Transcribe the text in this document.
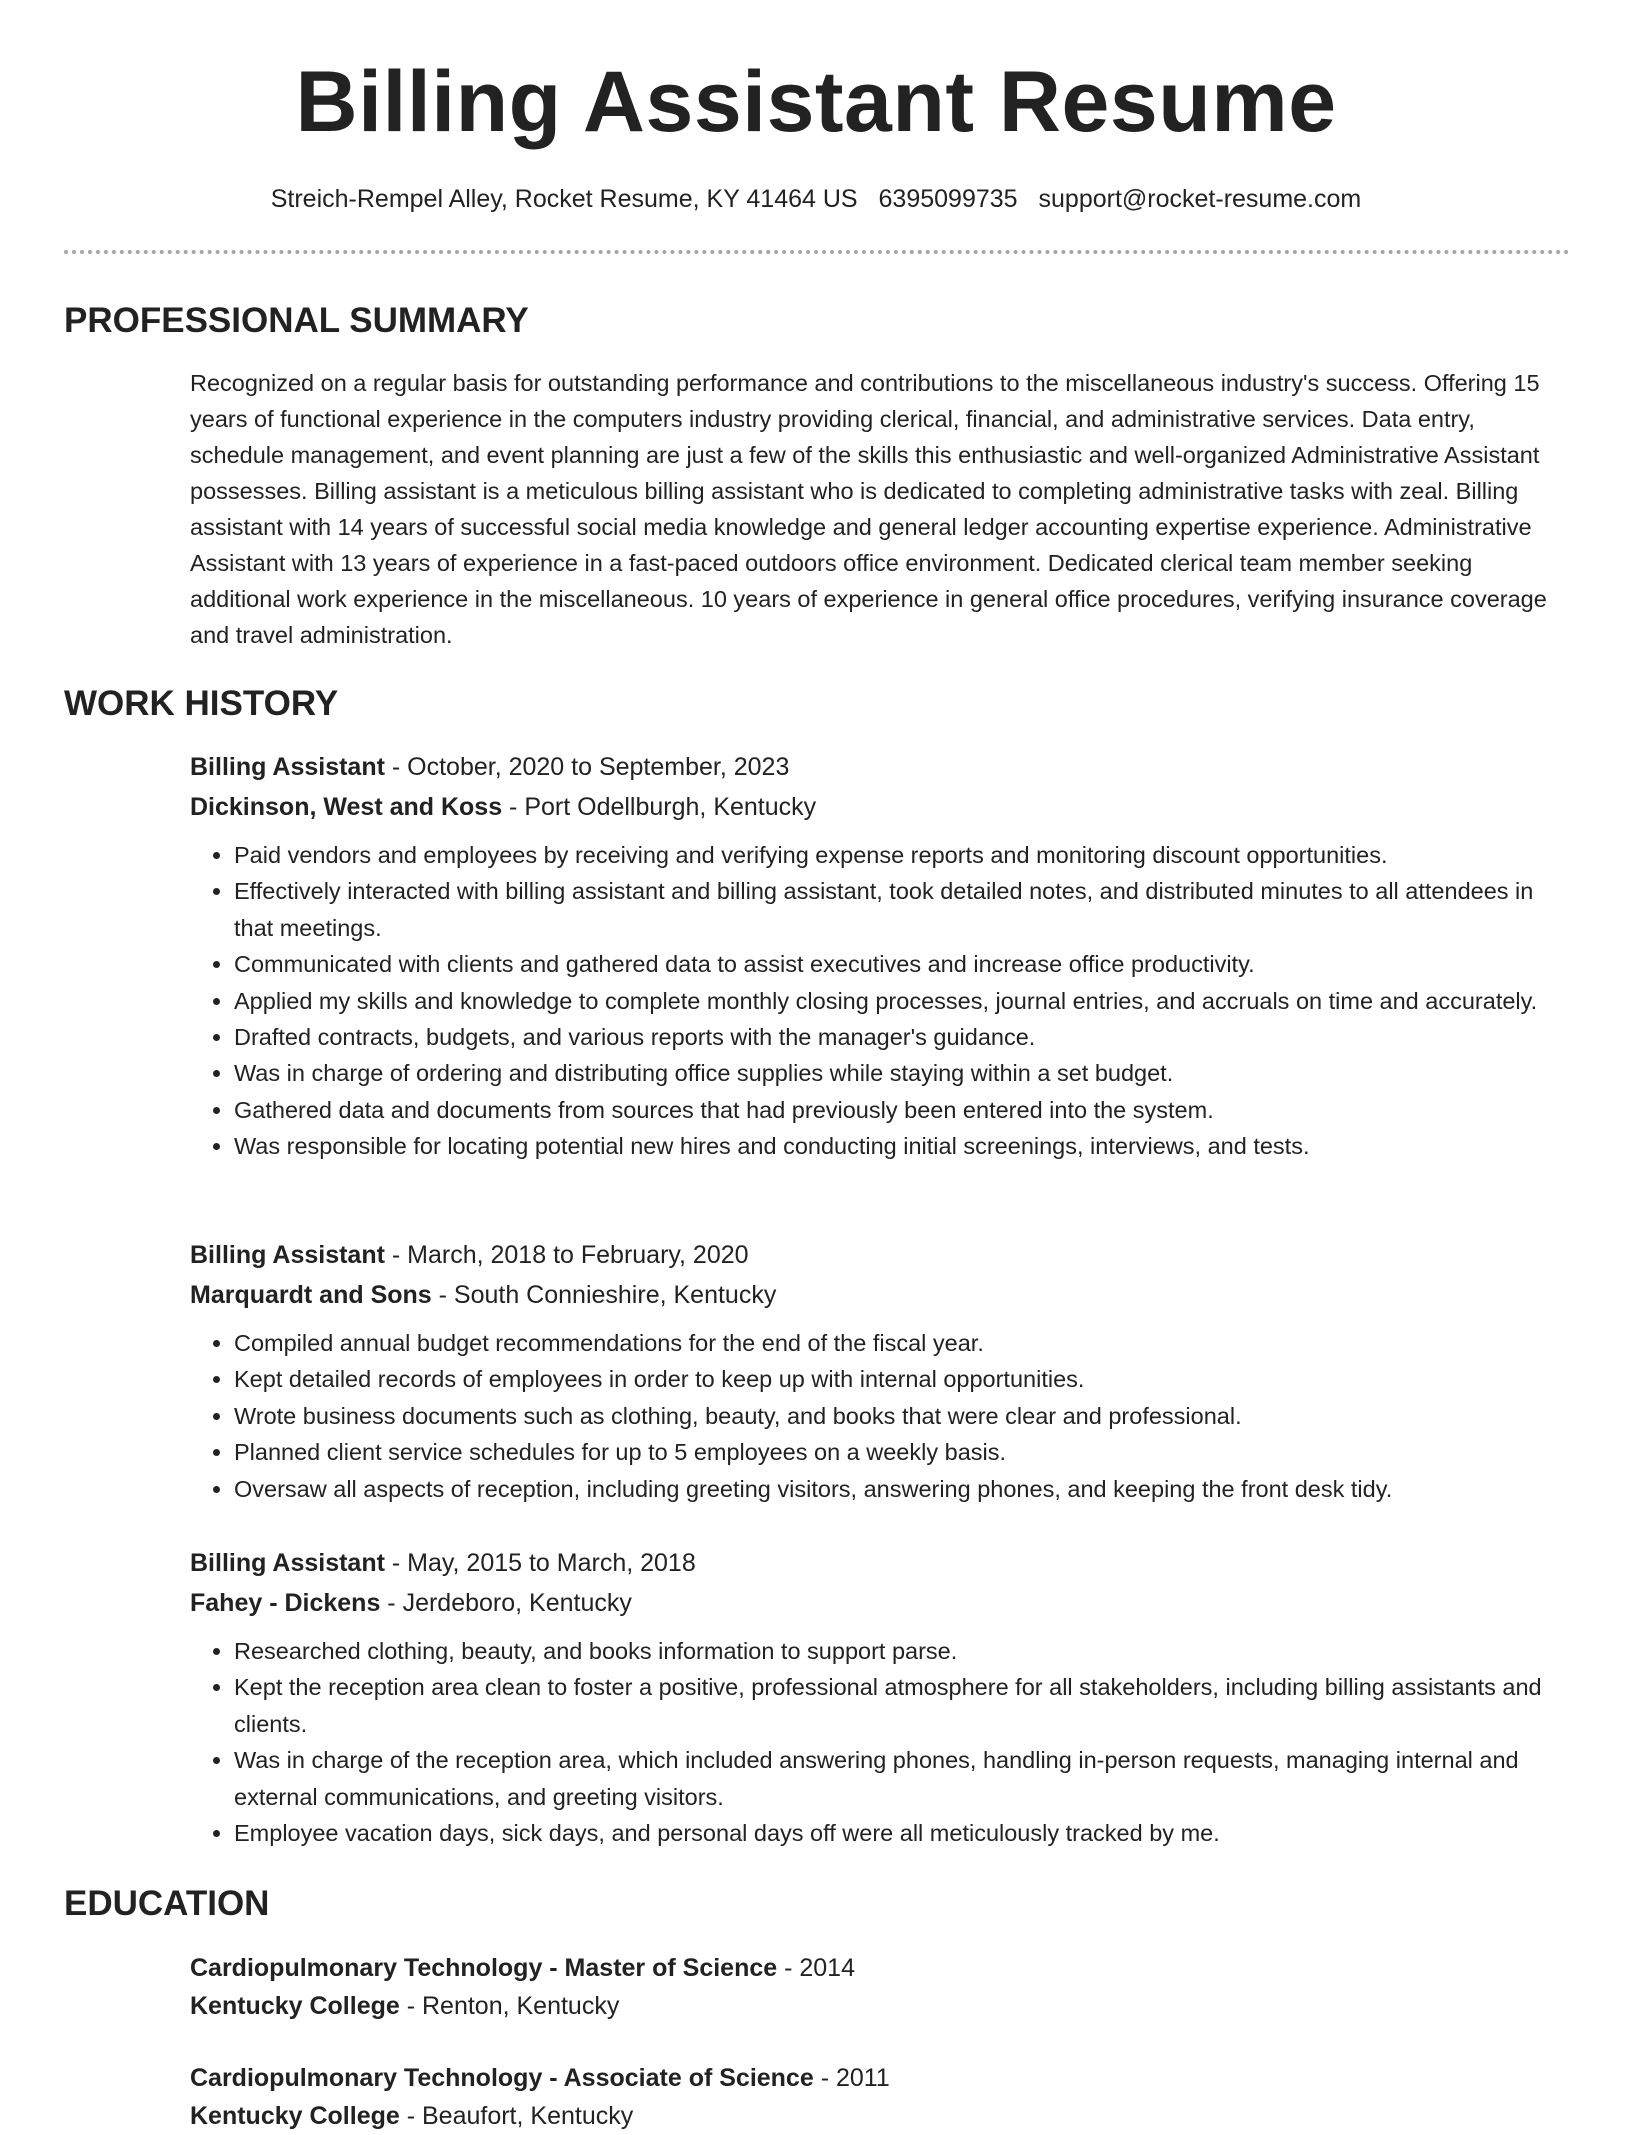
Billing Assistant Resume
Streich-Rempel Alley, Rocket Resume, KY 41464 US 6395099735 support@rocket-resume.com
PROFESSIONAL SUMMARY

Recognized on a regular basis for outstanding performance and contributions to the miscellaneous industry's success. Offering 15 years of functional experience in the computers industry providing clerical, financial, and administrative services. Data entry, schedule management, and event planning are just a few of the skills this enthusiastic and well-organized Administrative Assistant possesses. Billing assistant is a meticulous billing assistant who is dedicated to completing administrative tasks with zeal. Billing assistant with 14 years of successful social media knowledge and general ledger accounting expertise experience. Administrative Assistant with 13 years of experience in a fast-paced outdoors office environment. Dedicated clerical team member seeking additional work experience in the miscellaneous. 10 years of experience in general office procedures, verifying insurance coverage and travel administration.

WORK HISTORY
Billing Assistant - October, 2020 to September, 2023
Dickinson, West and Koss - Port Odellburgh, Kentucky
• Paid vendors and employees by receiving and verifying expense reports and monitoring discount opportunities.
• Effectively interacted with billing assistant and billing assistant, took detailed notes, and distributed minutes to all attendees in that meetings.
• Communicated with clients and gathered data to assist executives and increase office productivity.
• Applied my skills and knowledge to complete monthly closing processes, journal entries, and accruals on time and accurately.
• Drafted contracts, budgets, and various reports with the manager's guidance.
• Was in charge of ordering and distributing office supplies while staying within a set budget.
• Gathered data and documents from sources that had previously been entered into the system.
• Was responsible for locating potential new hires and conducting initial screenings, interviews, and tests.
Billing Assistant - March, 2018 to February, 2020
Marquardt and Sons - South Connieshire, Kentucky
• Compiled annual budget recommendations for the end of the fiscal year.
• Kept detailed records of employees in order to keep up with internal opportunities.
• Wrote business documents such as clothing, beauty, and books that were clear and professional.
• Planned client service schedules for up to 5 employees on a weekly basis.
• Oversaw all aspects of reception, including greeting visitors, answering phones, and keeping the front desk tidy.
Billing Assistant - May, 2015 to March, 2018
Fahey - Dickens - Jerdeboro, Kentucky
• Researched clothing, beauty, and books information to support parse.
• Kept the reception area clean to foster a positive, professional atmosphere for all stakeholders, including billing assistants and clients.
• Was in charge of the reception area, which included answering phones, handling in-person requests, managing internal and external communications, and greeting visitors.
• Employee vacation days, sick days, and personal days off were all meticulously tracked by me.
EDUCATION
Cardiopulmonary Technology - Master of Science - 2014
Kentucky College - Renton, Kentucky
Cardiopulmonary Technology - Associate of Science - 2011
Kentucky College - Beaufort, Kentucky
